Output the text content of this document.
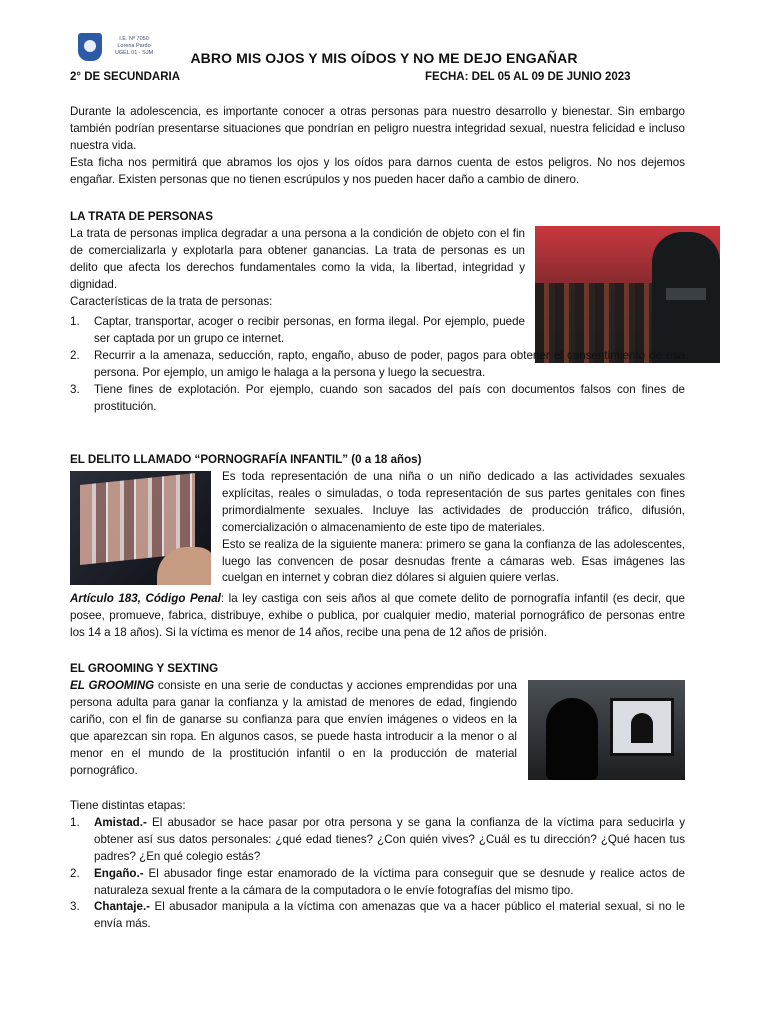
I.E. Nº 7050
Lorena Pardo
UGEL 01 - SJM	ABRO MIS OJOS Y MIS OÍDOS Y NO ME DEJO ENGAÑAR
2° DE SECUNDARIA	FECHA: DEL 05 AL 09 DE JUNIO 2023

Durante la adolescencia, es importante conocer a otras personas para nuestro desarrollo y bienestar. Sin embargo también podrían presentarse situaciones que pondrían en peligro nuestra integridad sexual, nuestra felicidad e incluso nuestra vida.

Esta ficha nos permitirá que abramos los ojos y los oídos para darnos cuenta de estos peligros. No nos dejemos engañar. Existen personas que no tienen escrúpulos y nos pueden hacer daño a cambio de dinero.

LA TRATA DE PERSONAS

La trata de personas implica degradar a una persona a la condición de objeto con el fin de comercializarla y explotarla para obtener ganancias. La trata de personas es un delito que afecta los derechos fundamentales como la vida, la libertad, integridad y dignidad.

Características de la trata de personas:

1. Captar, transportar, acoger o recibir personas, en forma ilegal. Por ejemplo, puede ser captada por un grupo ce internet.
2. Recurrir a la amenaza, seducción, rapto, engaño, abuso de poder, pagos para obtener el consentimiento de esa persona. Por ejemplo, un amigo le halaga a la persona y luego la secuestra.
3. Tiene fines de explotación. Por ejemplo, cuando son sacados del país con documentos falsos con fines de prostitución.
EL DELITO LLAMADO “PORNOGRAFÍA INFANTIL” (0 a 18 años)

Es toda representación de una niña o un niño dedicado a las actividades sexuales explícitas, reales o simuladas, o toda representación de sus partes genitales con fines primordialmente sexuales. Incluye las actividades de producción tráfico, difusión, comercialización o almacenamiento de este tipo de materiales.

Esto se realiza de la siguiente manera: primero se gana la confianza de las adolescentes, luego las convencen de posar desnudas frente a cámaras web. Esas imágenes las cuelgan en internet y cobran diez dólares si alguien quiere verlas.

Artículo 183, Código Penal: la ley castiga con seis años al que comete delito de pornografía infantil (es decir, que posee, promueve, fabrica, distribuye, exhibe o publica, por cualquier medio, material pornográfico de personas entre los 14 a 18 años). Si la víctima es menor de 14 años, recibe una pena de 12 años de prisión.

EL GROOMING Y SEXTING

EL GROOMING consiste en una serie de conductas y acciones emprendidas por una persona adulta para ganar la confianza y la amistad de menores de edad, fingiendo cariño, con el fin de ganarse su confianza para que envíen imágenes o videos en la que aparezcan sin ropa. En algunos casos, se puede hasta introducir a la menor o al menor en el mundo de la prostitución infantil o en la producción de material pornográfico.

Tiene distintas etapas:

1. Amistad.- El abusador se hace pasar por otra persona y se gana la confianza de la víctima para seducirla y obtener así sus datos personales: ¿qué edad tienes? ¿Con quién vives? ¿Cuál es tu dirección? ¿Qué hacen tus padres? ¿En qué colegio estás?
2. Engaño.- El abusador finge estar enamorado de la víctima para conseguir que se desnude y realice actos de naturaleza sexual frente a la cámara de la computadora o le envíe fotografías del mismo tipo.
3. Chantaje.- El abusador manipula a la víctima con amenazas que va a hacer público el material sexual, si no le envía más.
